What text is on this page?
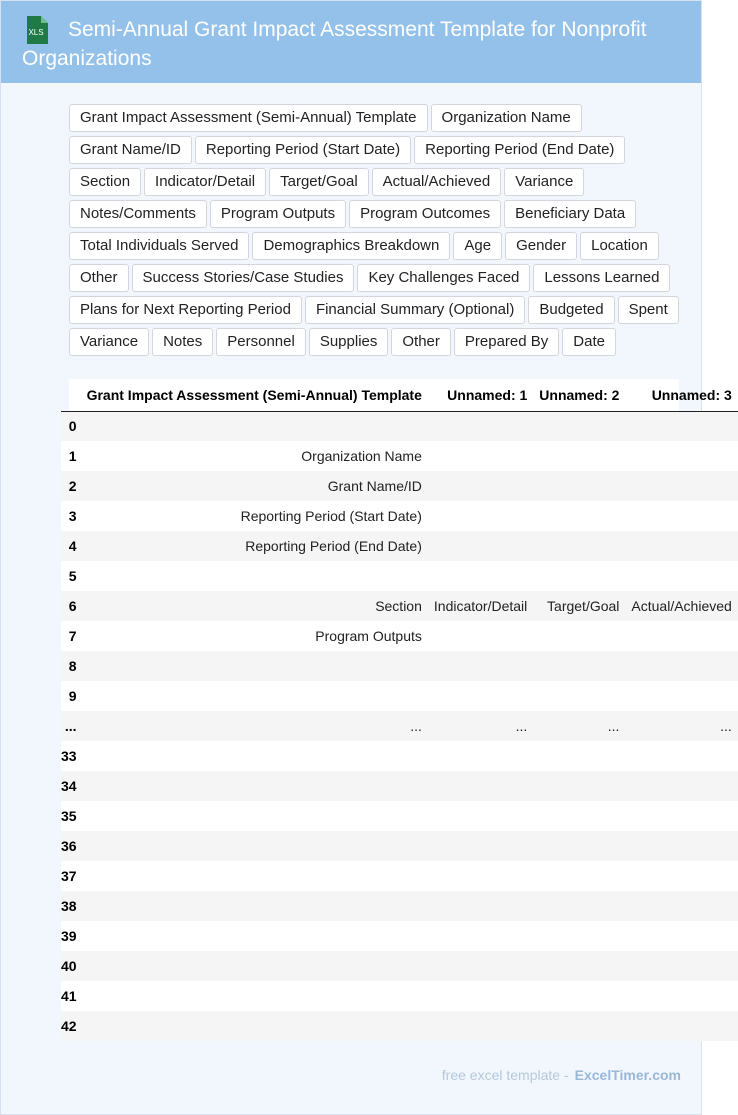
XLS	Semi-Annual Grant Impact Assessment Template for Nonprofit Organizations
Grant Impact Assessment (Semi-Annual) Template	Organization Name
Grant Name/ID	Reporting Period (Start Date)	Reporting Period (End Date)
Section	Indicator/Detail	Target/Goal	Actual/Achieved	Variance
Notes/Comments	Program Outputs	Program Outcomes	Beneficiary Data
Total Individuals Served	Demographics Breakdown	Age	Gender	Location
Other	Success Stories/Case Studies	Key Challenges Faced	Lessons Learned
Plans for Next Reporting Period	Financial Summary (Optional)	Budgeted	Spent
Variance	Notes	Personnel	Supplies	Other	Prepared By	Date
	Grant Impact Assessment (Semi-Annual) Template	Unnamed: 1	Unnamed: 2	Unnamed: 3
0				
1	Organization Name			
2	Grant Name/ID			
3	Reporting Period (Start Date)			
4	Reporting Period (End Date)			
5				
6	Section	Indicator/Detail	Target/Goal	Actual/Achieved
7	Program Outputs			
8				
9				
...	...	...	...	...
33				
34				
35				
36				
37				
38				
39				
40				
41				
42				
free excel template - ExcelTimer.com
